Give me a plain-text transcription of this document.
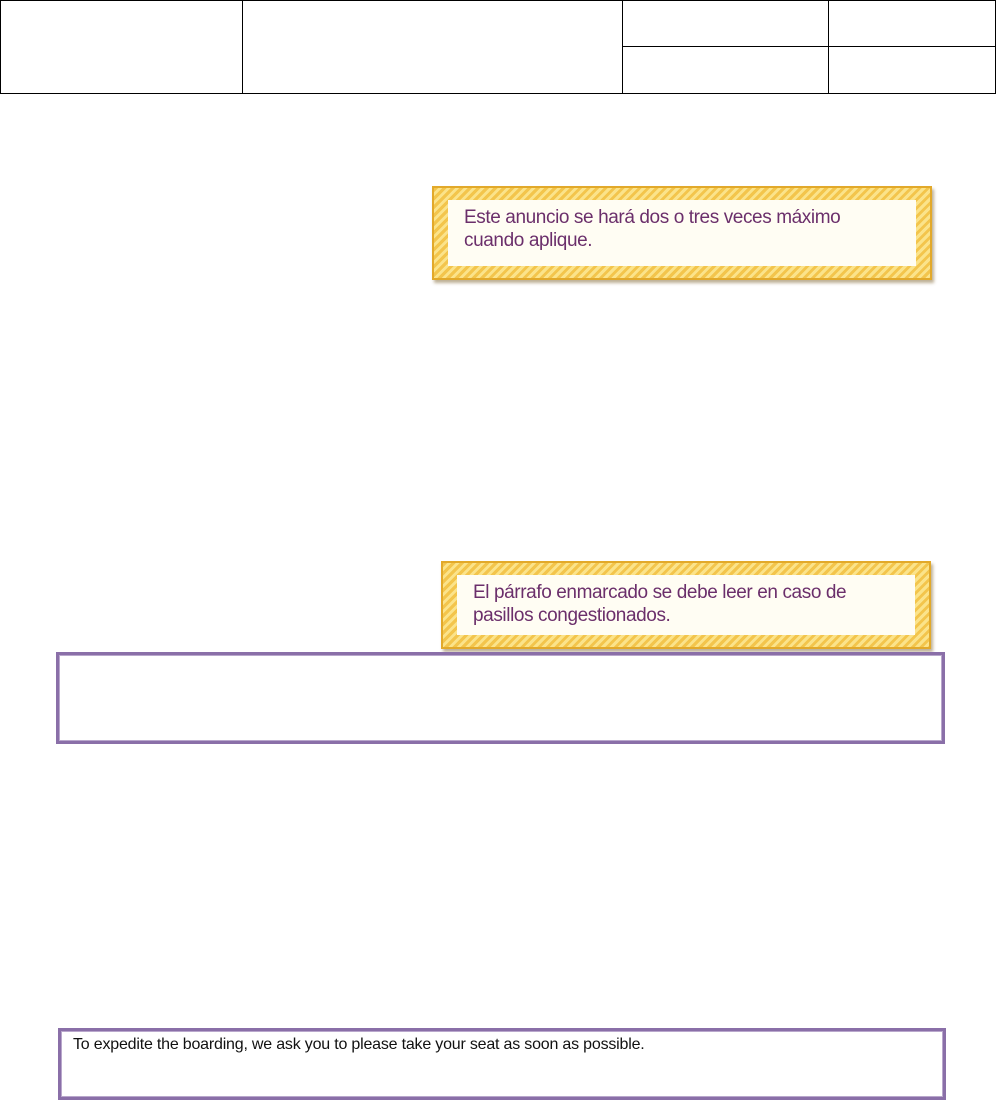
Este anuncio se hará dos o tres veces máximo cuando aplique.
El párrafo enmarcado se debe leer en caso de pasillos congestionados.
To expedite the boarding, we ask you to please take your seat as soon as possible.
